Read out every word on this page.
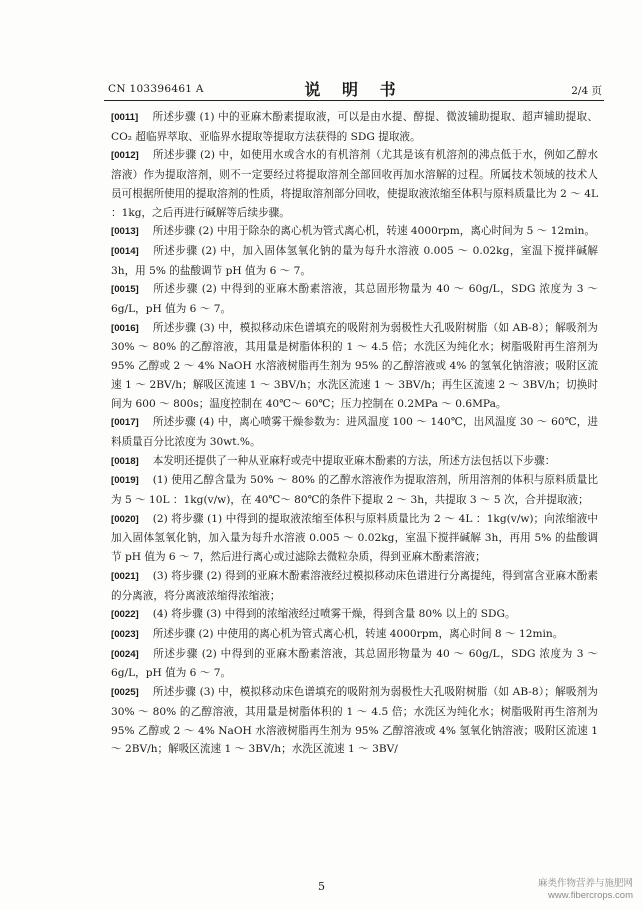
CN 103396461 A	说 明 书	2/4 页

[0011] 所述步骤 (1) 中的亚麻木酚素提取液，可以是由水提、醇提、微波辅助提取、超声辅助提取、CO₂ 超临界萃取、亚临界水提取等提取方法获得的 SDG 提取液。

[0012] 所述步骤 (2) 中，如使用水或含水的有机溶剂（尤其是该有机溶剂的沸点低于水，例如乙醇水溶液）作为提取溶剂，则不一定要经过将提取溶剂全部回收再加水溶解的过程。所属技术领域的技术人员可根据所使用的提取溶剂的性质，将提取溶剂部分回收，使提取液浓缩至体积与原料质量比为 2 ～ 4L ：1kg，之后再进行碱解等后续步骤。

[0013] 所述步骤 (2) 中用于除杂的离心机为管式离心机，转速 4000rpm，离心时间为 5 ～ 12min。

[0014] 所述步骤 (2) 中，加入固体氢氧化钠的量为每升水溶液 0.005 ～ 0.02kg，室温下搅拌碱解 3h，用 5% 的盐酸调节 pH 值为 6 ～ 7。

[0015] 所述步骤 (2) 中得到的亚麻木酚素溶液，其总固形物量为 40 ～ 60g/L，SDG 浓度为 3 ～ 6g/L，pH 值为 6 ～ 7。

[0016] 所述步骤 (3) 中，模拟移动床色谱填充的吸附剂为弱极性大孔吸附树脂（如 AB-8）；解吸剂为 30% ～ 80% 的乙醇溶液，其用量是树脂体积的 1 ～ 4.5 倍；水洗区为纯化水；树脂吸附再生溶剂为 95% 乙醇或 2 ～ 4% NaOH 水溶液树脂再生剂为 95% 的乙醇溶液或 4% 的氢氧化钠溶液；吸附区流速 1 ～ 2BV/h；解吸区流速 1 ～ 3BV/h；水洗区流速 1 ～ 3BV/h；再生区流速 2 ～ 3BV/h；切换时间为 600 ～ 800s；温度控制在 40℃～ 60℃；压力控制在 0.2MPa ～ 0.6MPa。

[0017] 所述步骤 (4) 中，离心喷雾干燥参数为：进风温度 100 ～ 140℃，出风温度 30 ～ 60℃，进料质量百分比浓度为 30wt.%。

[0018] 本发明还提供了一种从亚麻籽或壳中提取亚麻木酚素的方法，所述方法包括以下步骤：

[0019] (1) 使用乙醇含量为 50% ～ 80% 的乙醇水溶液作为提取溶剂，所用溶剂的体积与原料质量比为 5 ～ 10L ：1kg(v/w)，在 40℃～ 80℃的条件下提取 2 ～ 3h，共提取 3 ～ 5 次，合并提取液；

[0020] (2) 将步骤 (1) 中得到的提取液浓缩至体积与原料质量比为 2 ～ 4L ：1kg(v/w)；向浓缩液中加入固体氢氧化钠，加入量为每升水溶液 0.005 ～ 0.02kg，室温下搅拌碱解 3h，再用 5% 的盐酸调节 pH 值为 6 ～ 7，然后进行离心或过滤除去微粒杂质，得到亚麻木酚素溶液；

[0021] (3) 将步骤 (2) 得到的亚麻木酚素溶液经过模拟移动床色谱进行分离提纯，得到富含亚麻木酚素的分离液，将分离液浓缩得浓缩液；

[0022] (4) 将步骤 (3) 中得到的浓缩液经过喷雾干燥，得到含量 80% 以上的 SDG。

[0023] 所述步骤 (2) 中使用的离心机为管式离心机，转速 4000rpm，离心时间 8 ～ 12min。

[0024] 所述步骤 (2) 中得到的亚麻木酚素溶液，其总固形物量为 40 ～ 60g/L，SDG 浓度为 3 ～ 6g/L，pH 值为 6 ～ 7。

[0025] 所述步骤 (3) 中，模拟移动床色谱填充的吸附剂为弱极性大孔吸附树脂（如 AB-8）；解吸剂为 30% ～ 80% 的乙醇溶液，其用量是树脂体积的 1 ～ 4.5 倍；水洗区为纯化水；树脂吸附再生溶剂为 95% 乙醇或 2 ～ 4% NaOH 水溶液树脂再生剂为 95% 乙醇溶液或 4% 氢氧化钠溶液；吸附区流速 1 ～ 2BV/h；解吸区流速 1 ～ 3BV/h；水洗区流速 1 ～ 3BV/

5	麻类作物营养与施肥网
www.fibercrops.com
